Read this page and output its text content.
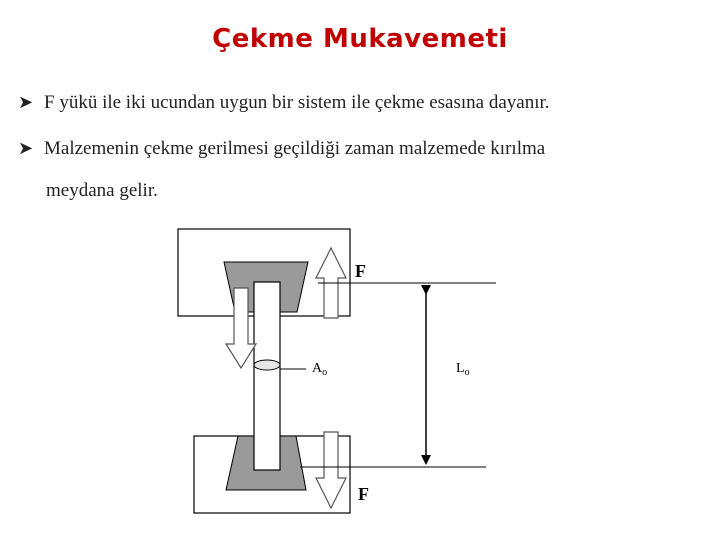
Çekme Mukavemeti
➤ F yükü ile iki ucundan uygun bir sistem ile çekme esasına dayanır.
➤ Malzemenin çekme gerilmesi geçildiği zaman malzemede kırılma
meydana gelir.
F
F
$A_o$	$L_o$
